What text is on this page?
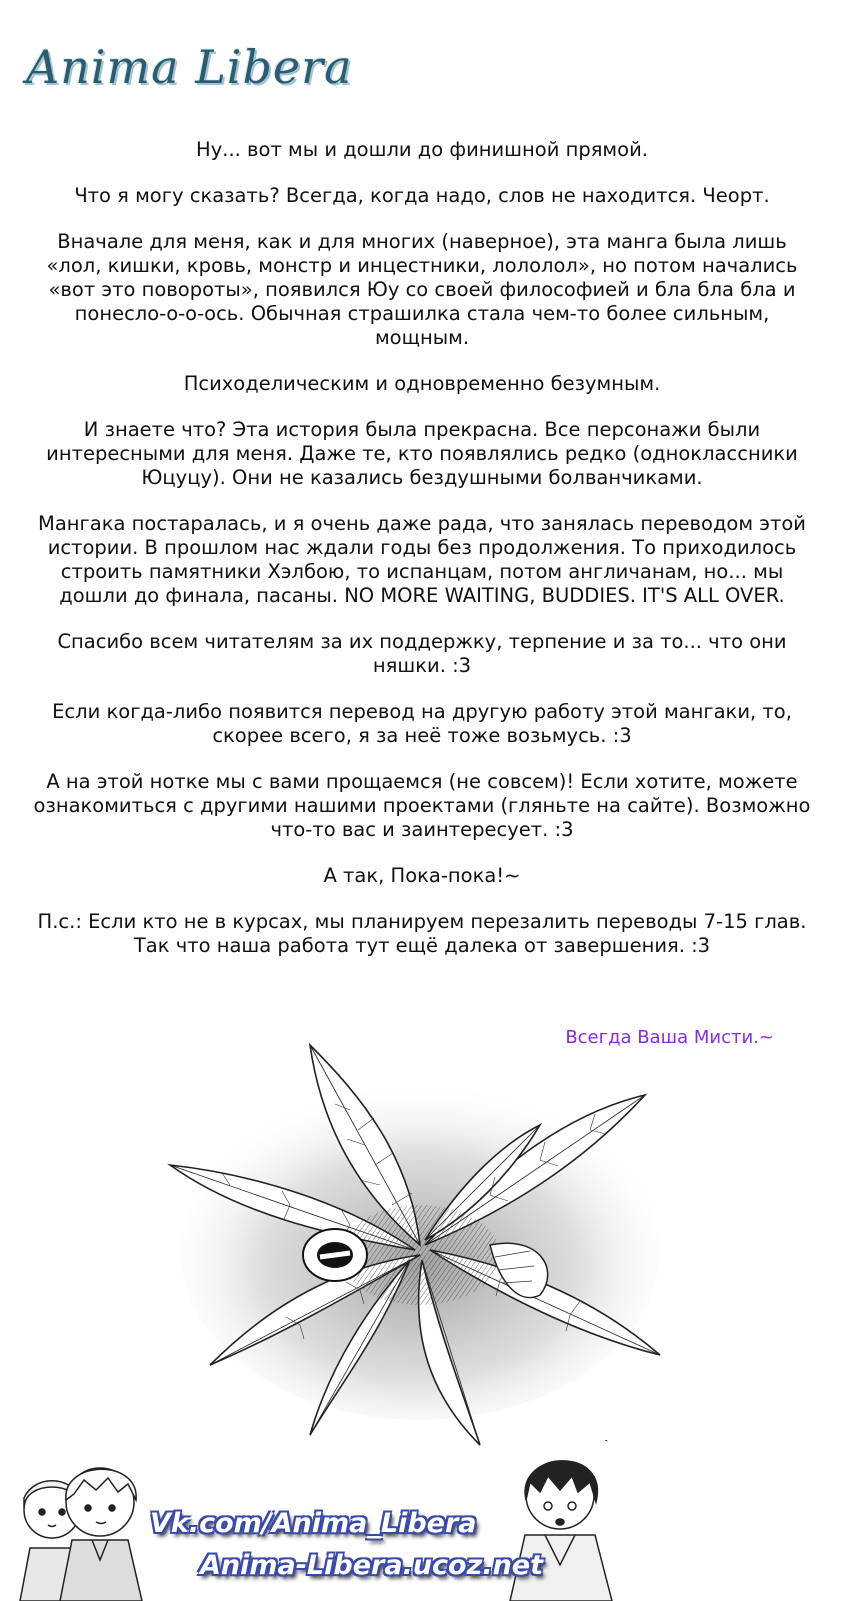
Anima Libera

Ну... вот мы и дошли до финишной прямой.

Что я могу сказать? Всегда, когда надо, слов не находится. Чеорт.

Вначале для меня, как и для многих (наверное), эта манга была лишь «лол, кишки, кровь, монстр и инцестники, лололол», но потом начались «вот это повороты», появился Юу со своей философией и бла бла бла и понесло-о-о-ось. Обычная страшилка стала чем-то более сильным, мощным.

Психоделическим и одновременно безумным.

И знаете что? Эта история была прекрасна. Все персонажи были интересными для меня. Даже те, кто появлялись редко (одноклассники Юцуцу). Они не казались бездушными болванчиками.

Мангака постаралась, и я очень даже рада, что занялась переводом этой истории. В прошлом нас ждали годы без продолжения. То приходилось строить памятники Хэлбою, то испанцам, потом англичанам, но... мы дошли до финала, пасаны. NO MORE WAITING, BUDDIES. IT'S ALL OVER.

Спасибо всем читателям за их поддержку, терпение и за то... что они няшки. :3

Если когда-либо появится перевод на другую работу этой мангаки, то, скорее всего, я за неё тоже возьмусь. :3

А на этой нотке мы с вами прощаемся (не совсем)! Если хотите, можете ознакомиться с другими нашими проектами (гляньте на сайте). Возможно что-то вас и заинтересует. :3

А так, Пока-пока!~

П.с.: Если кто не в курсах, мы планируем перезалить переводы 7-15 глав. Так что наша работа тут ещё далека от завершения. :3

Всегда Ваша Мисти.~
Vk.com/Anima_Libera
Anima-Libera.ucoz.net
